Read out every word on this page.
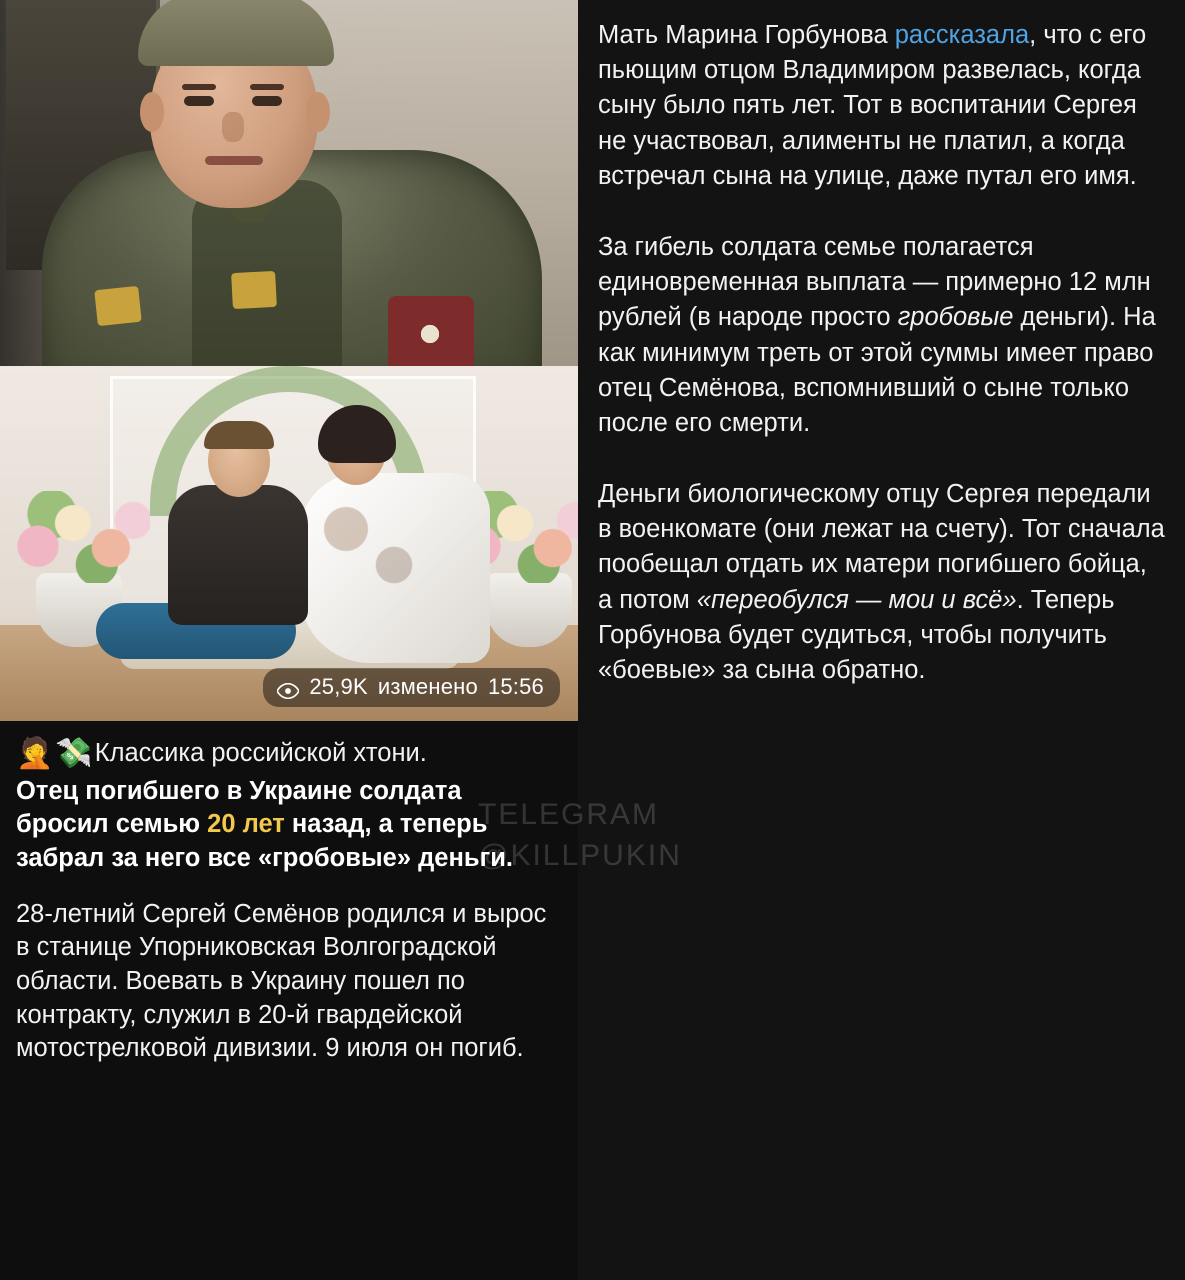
25,9K изменено 15:56
🤦 💸 Классика российской хтони.

Отец погибшего в Украине солдата бросил семью 20 лет назад, а теперь забрал за него все «гробовые» деньги.

28-летний Сергей Семёнов родился и вырос в станице Упорниковская Волгоградской области. Воевать в Украину пошел по контракту, служил в 20-й гвардейской мотострелковой дивизии. 9 июля он погиб.

Мать Марина Горбунова рассказала, что с его пьющим отцом Владимиром развелась, когда сыну было пять лет. Тот в воспитании Сергея не участвовал, алименты не платил, а когда встречал сына на улице, даже путал его имя.

За гибель солдата семье полагается единовременная выплата — примерно 12 млн рублей (в народе просто гробовые деньги). На как минимум треть от этой суммы имеет право отец Семёнова, вспомнивший о сыне только после его смерти.

Деньги биологическому отцу Сергея передали в военкомате (они лежат на счету). Тот сначала пообещал отдать их матери погибшего бойца, а потом «переобулся — мои и всё». Теперь Горбунова будет судиться, чтобы получить «боевые» за сына обратно.
